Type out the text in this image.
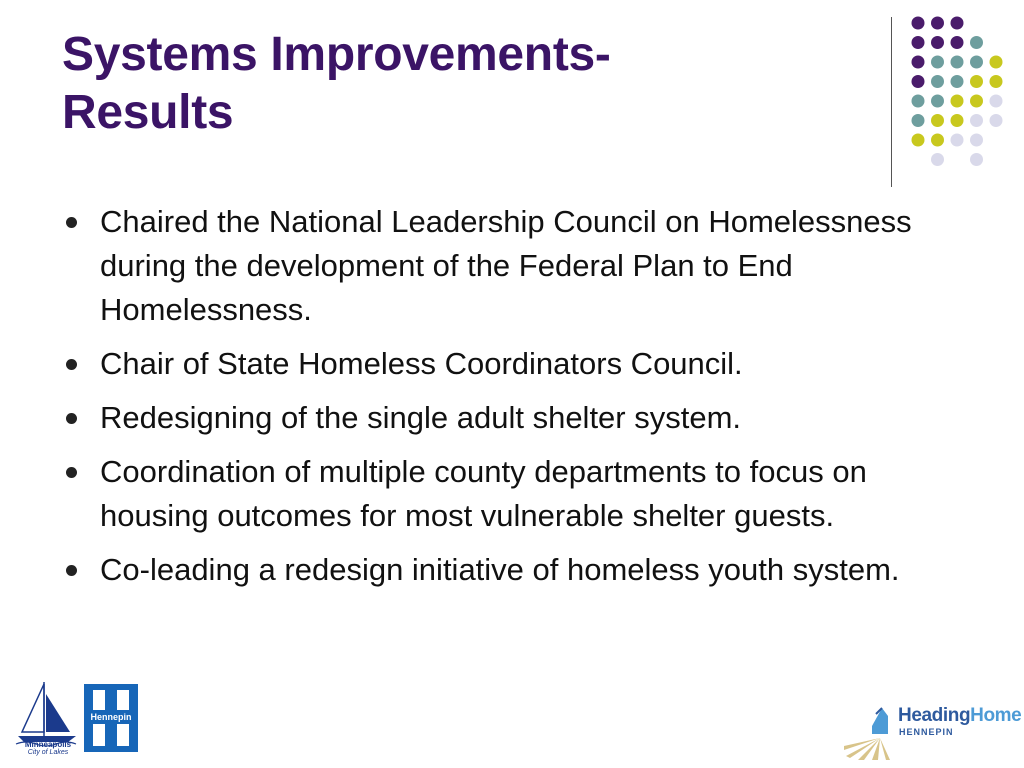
Systems Improvements-
Results
Chaired the National Leadership Council on Homelessness during the development of the Federal Plan to End Homelessness.
Chair of State Homeless Coordinators Council.
Redesigning of the single adult shelter system.
Coordination of multiple county departments to focus on housing outcomes for most vulnerable shelter guests.
Co-leading a redesign initiative of homeless youth system.
Minneapolis
City of Lakes
Hennepin	HeadingHome
HENNEPIN
